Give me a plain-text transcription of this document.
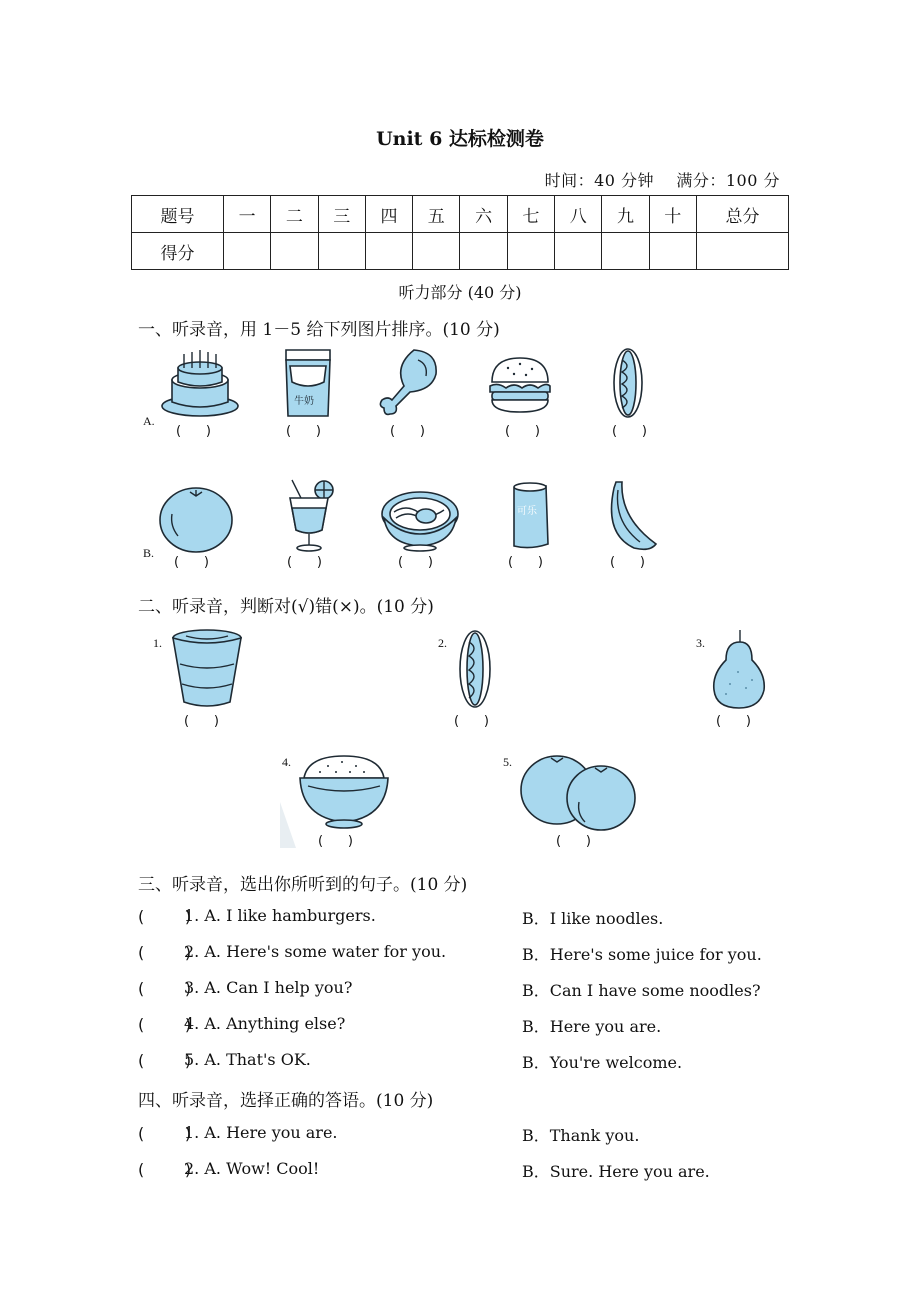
Unit 6 达标检测卷
时间：40 分钟    满分：100 分
题号	一	二	三	四	五	六	七	八	九	十	总分
得分											
听力部分 (40 分)
一、听录音，用 1－5 给下列图片排序。(10 分)
A.
牛奶
(      )	(      )	(      )	(      )	(      )
B.
可乐
(      )	(      )	(      )	(      )	(      )
二、听录音，判断对(√)错(×)。(10 分)
1.	2.	3.
(      )	(      )	(      )
4.	5.
(      )	(      )
三、听录音，选出你所听到的句子。(10 分)
(        )
1. A. I like hamburgers.	B．I like noodles.
(        )
2. A. Here's some water for you.	B．Here's some juice for you.
(        )
3. A. Can I help you?	B．Can I have some noodles?
(        )
4. A. Anything else?	B．Here you are.
(        )
5. A. That's OK.	B．You're welcome.
四、听录音，选择正确的答语。(10 分)
(        )
1. A. Here you are.	B．Thank you.
(        )
2. A. Wow! Cool!	B．Sure. Here you are.
